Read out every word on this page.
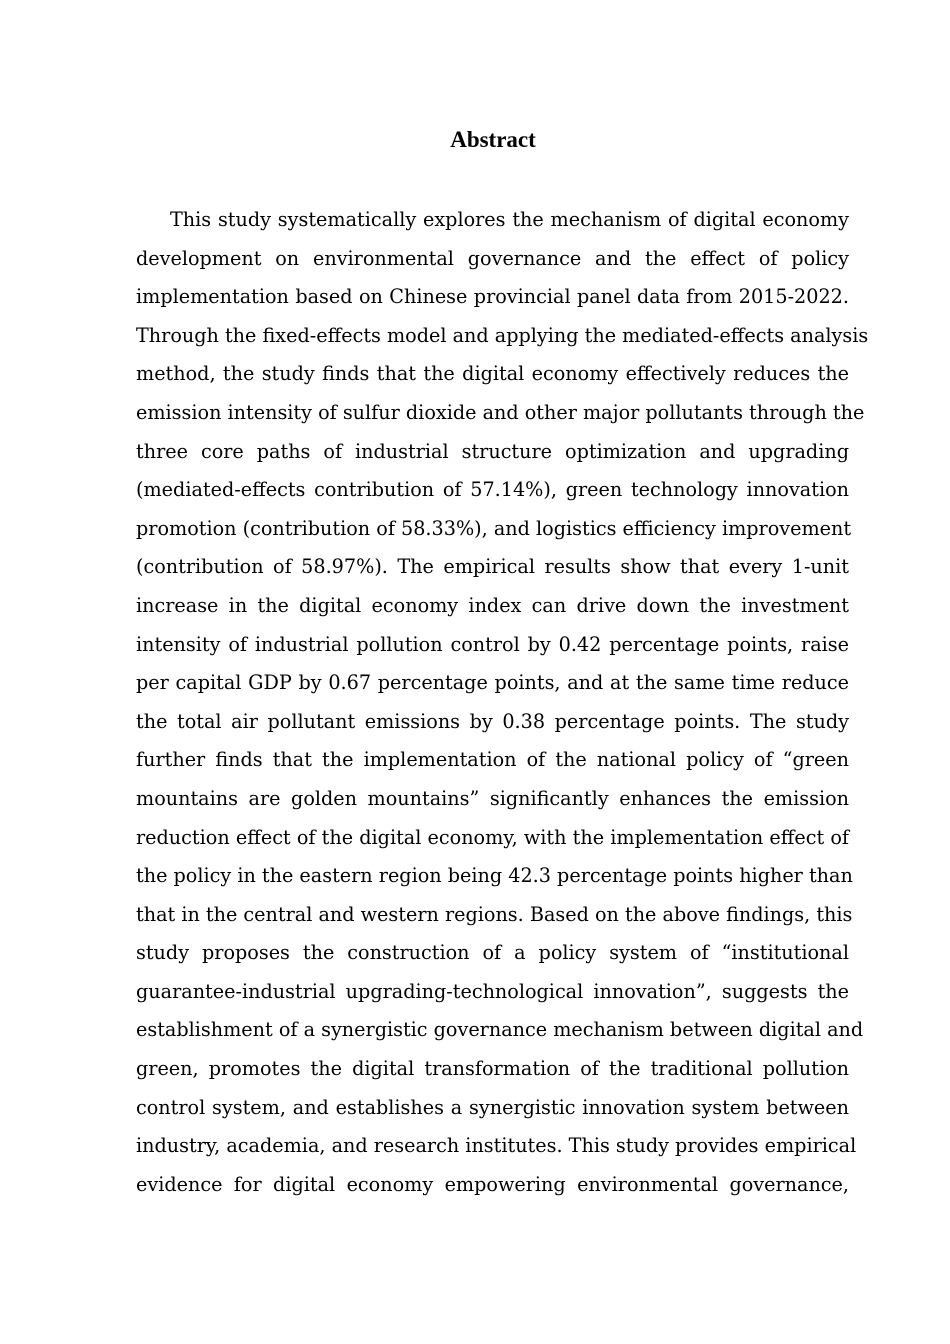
Abstract
This study systematically explores the mechanism of digital economy
development on environmental governance and the effect of policy
implementation based on Chinese provincial panel data from 2015-2022.
Through the fixed-effects model and applying the mediated-effects analysis
method, the study finds that the digital economy effectively reduces the
emission intensity of sulfur dioxide and other major pollutants through the
three core paths of industrial structure optimization and upgrading
(mediated-effects contribution of 57.14%), green technology innovation
promotion (contribution of 58.33%), and logistics efficiency improvement
(contribution of 58.97%). The empirical results show that every 1-unit
increase in the digital economy index can drive down the investment
intensity of industrial pollution control by 0.42 percentage points, raise
per capital GDP by 0.67 percentage points, and at the same time reduce
the total air pollutant emissions by 0.38 percentage points. The study
further finds that the implementation of the national policy of “green
mountains are golden mountains” significantly enhances the emission
reduction effect of the digital economy, with the implementation effect of
the policy in the eastern region being 42.3 percentage points higher than
that in the central and western regions. Based on the above findings, this
study proposes the construction of a policy system of “institutional
guarantee-industrial upgrading-technological innovation”, suggests the
establishment of a synergistic governance mechanism between digital and
green, promotes the digital transformation of the traditional pollution
control system, and establishes a synergistic innovation system between
industry, academia, and research institutes. This study provides empirical
evidence for digital economy empowering environmental governance,
